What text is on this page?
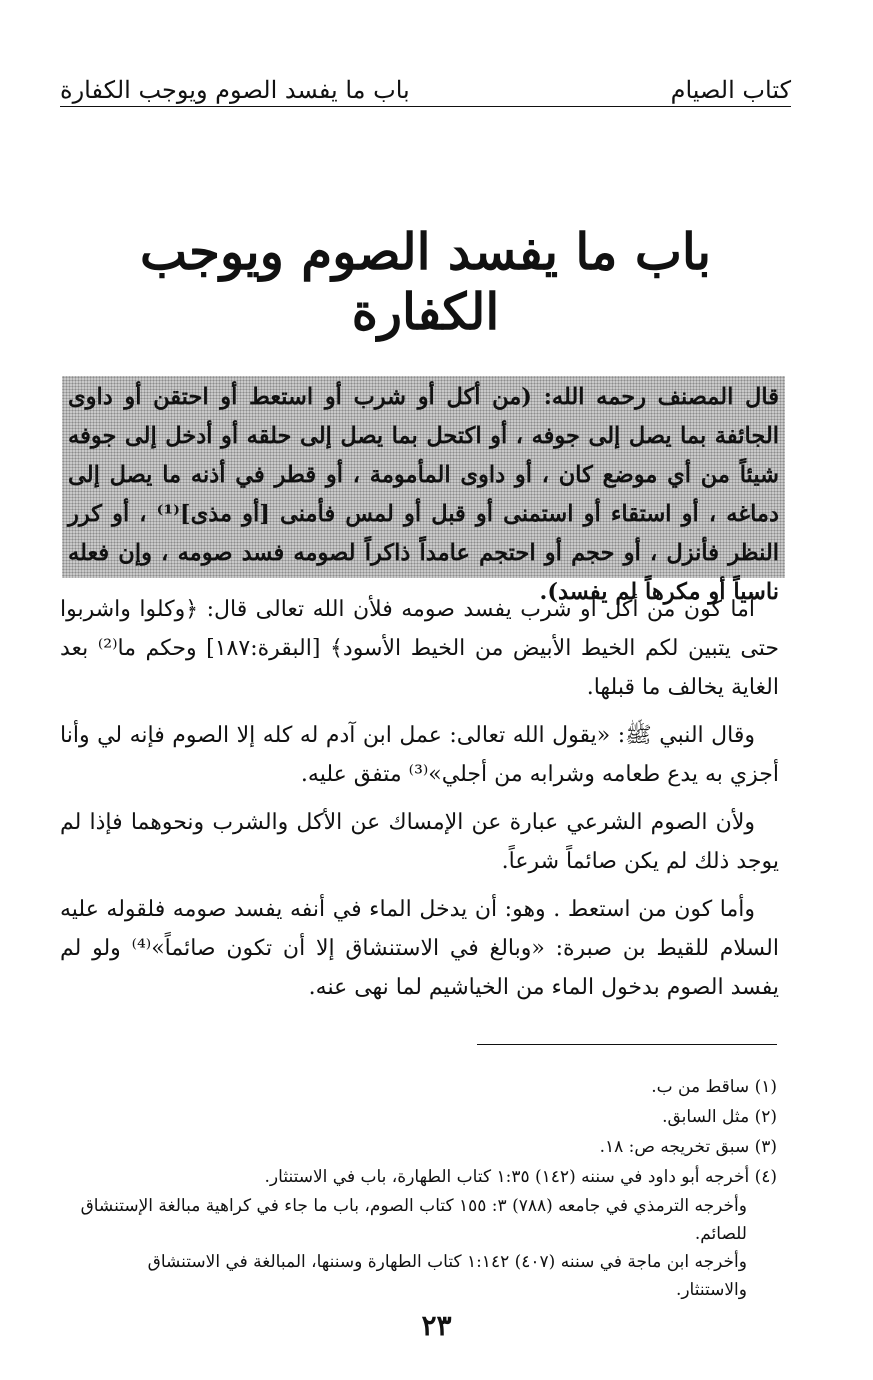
كتاب الصيام
باب ما يفسد الصوم ويوجب الكفارة
باب ما يفسد الصوم ويوجب الكفارة
قال المصنف رحمه الله: (من أكل أو شرب أو استعط أو احتقن أو داوى الجائفة بما يصل إلى جوفه ، أو اكتحل بما يصل إلى حلقه أو أدخل إلى جوفه شيئاً من أي موضع كان ، أو داوى المأمومة ، أو قطر في أذنه ما يصل إلى دماغه ، أو استقاء أو استمنى أو قبل أو لمس فأمنى [أو مذى]⁽¹⁾ ، أو كرر النظر فأنزل ، أو حجم أو احتجم عامداً ذاكراً لصومه فسد صومه ، وإن فعله ناسياً أو مكرهاً لم يفسد).

أما كون من أكل أو شرب يفسد صومه فلأن الله تعالى قال: ﴿وكلوا واشربوا حتى يتبين لكم الخيط الأبيض من الخيط الأسود﴾ [البقرة:١٨٧] وحكم ما⁽²⁾ بعد الغاية يخالف ما قبلها.

وقال النبي ﷺ: «يقول الله تعالى: عمل ابن آدم له كله إلا الصوم فإنه لي وأنا أجزي به يدع طعامه وشرابه من أجلي»⁽³⁾ متفق عليه.

ولأن الصوم الشرعي عبارة عن الإمساك عن الأكل والشرب ونحوهما فإذا لم يوجد ذلك لم يكن صائماً شرعاً.

وأما كون من استعط . وهو: أن يدخل الماء في أنفه يفسد صومه فلقوله عليه السلام للقيط بن صبرة: «وبالغ في الاستنشاق إلا أن تكون صائماً»⁽⁴⁾ ولو لم يفسد الصوم بدخول الماء من الخياشيم لما نهى عنه.

(١) ساقط من ب.

(٢) مثل السابق.

(٣) سبق تخريجه ص: ١٨.

(٤) أخرجه أبو داود في سننه (١٤٢) ١:٣٥ كتاب الطهارة، باب في الاستنثار.

وأخرجه الترمذي في جامعه (٧٨٨) ٣: ١٥٥ كتاب الصوم، باب ما جاء في كراهية مبالغة الإستنشاق للصائم.

وأخرجه ابن ماجة في سننه (٤٠٧) ١:١٤٢ كتاب الطهارة وسننها، المبالغة في الاستنشاق والاستنثار.

٢٣
